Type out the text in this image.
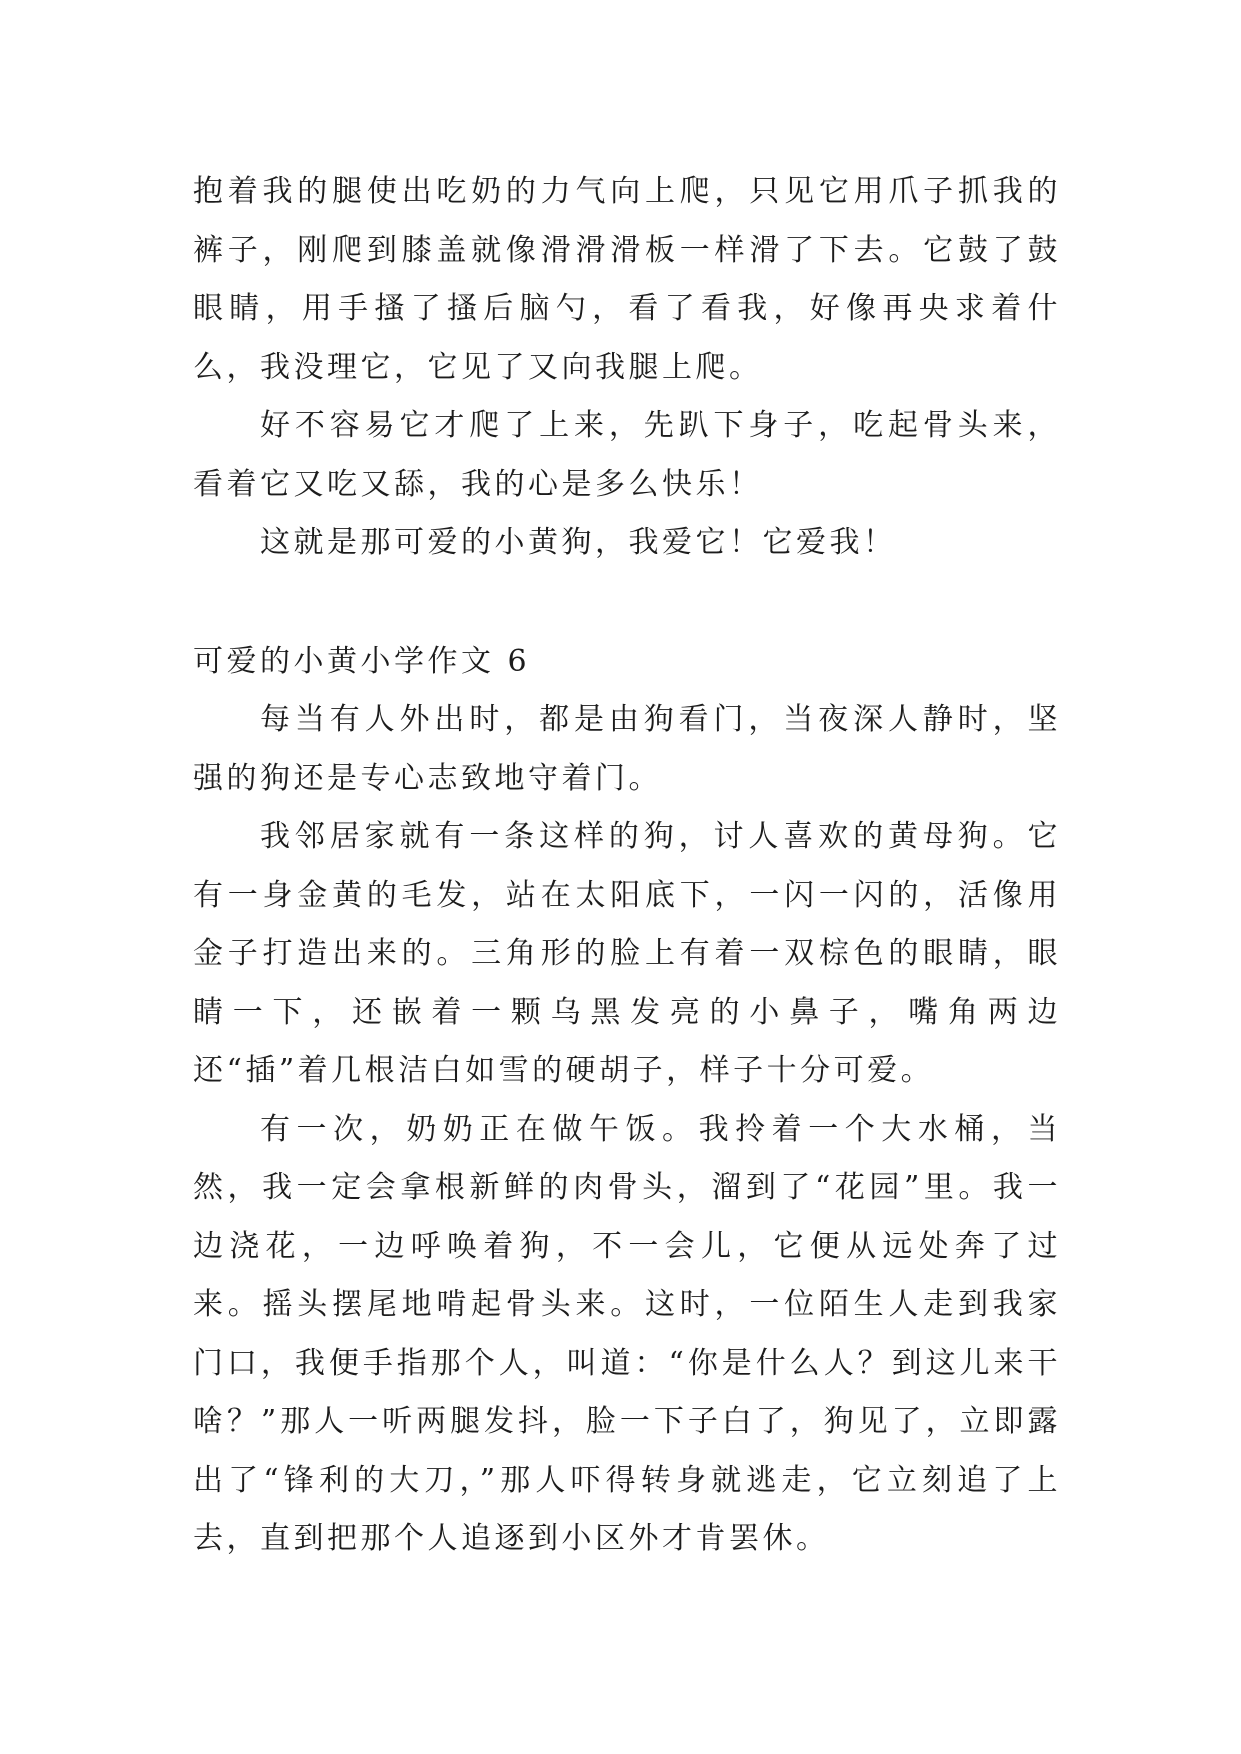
抱着我的腿使出吃奶的力气向上爬，只见它用爪子抓我的裤子，刚爬到膝盖就像滑滑滑板一样滑了下去。它鼓了鼓眼睛，用手搔了搔后脑勺，看了看我，好像再央求着什么，我没理它，它见了又向我腿上爬。

好不容易它才爬了上来，先趴下身子，吃起骨头来，看着它又吃又舔，我的心是多么快乐！

这就是那可爱的小黄狗，我爱它！它爱我！

可爱的小黄小学作文 6

每当有人外出时，都是由狗看门，当夜深人静时，坚强的狗还是专心志致地守着门。

我邻居家就有一条这样的狗，讨人喜欢的黄母狗。它有一身金黄的毛发，站在太阳底下，一闪一闪的，活像用金子打造出来的。三角形的脸上有着一双棕色的眼睛，眼睛一下，还嵌着一颗乌黑发亮的小鼻子，嘴角两边还“插”着几根洁白如雪的硬胡子，样子十分可爱。

有一次，奶奶正在做午饭。我拎着一个大水桶，当然，我一定会拿根新鲜的肉骨头，溜到了“花园”里。我一边浇花，一边呼唤着狗，不一会儿，它便从远处奔了过来。摇头摆尾地啃起骨头来。这时，一位陌生人走到我家门口，我便手指那个人，叫道：“你是什么人？到这儿来干啥？”那人一听两腿发抖，脸一下子白了，狗见了，立即露出了“锋利的大刀，”那人吓得转身就逃走，它立刻追了上去，直到把那个人追逐到小区外才肯罢休。
